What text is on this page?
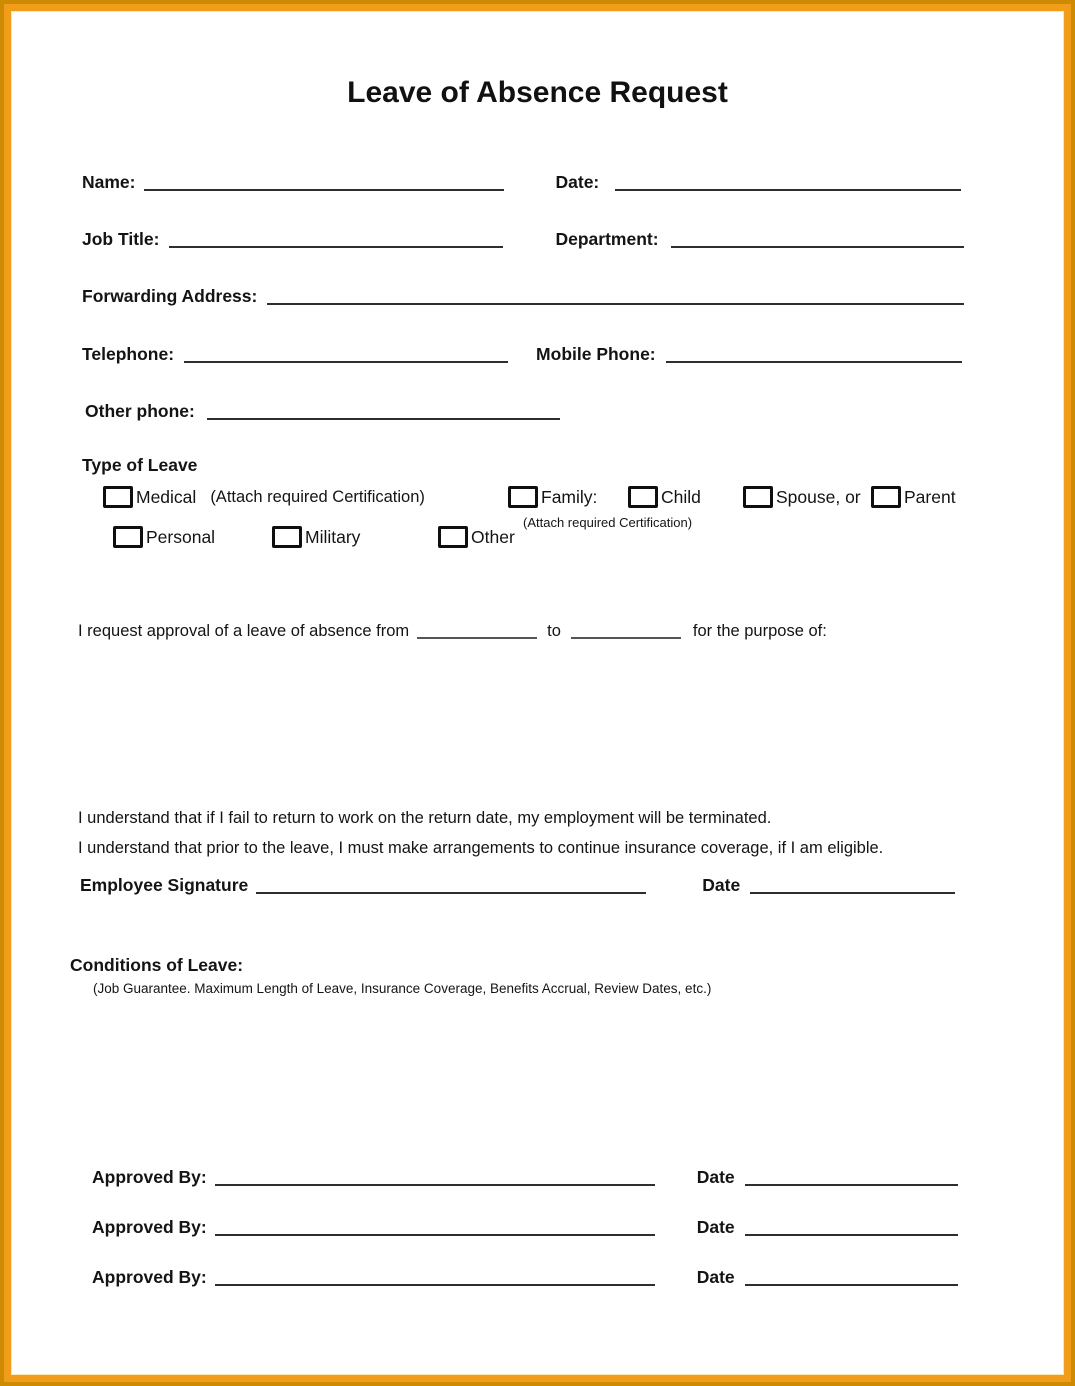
Leave of Absence Request
Name:	Date:
Job Title:	Department:
Forwarding Address:
Telephone:	Mobile Phone:
Other phone:
Type of Leave
Medical (Attach required Certification)	Family:
(Attach required Certification)
Child	Spouse, or Parent
Personal	Military	Other
I request approval of a leave of absence from	to	for the purpose of:

I understand that if I fail to return to work on the return date, my employment will be terminated.

I understand that prior to the leave, I must make arrangements to continue insurance coverage, if I am eligible.

Employee Signature	Date
Conditions of Leave:
(Job Guarantee. Maximum Length of Leave, Insurance Coverage, Benefits Accrual, Review Dates, etc.)
Approved By:	Date
Approved By:	Date
Approved By:	Date
